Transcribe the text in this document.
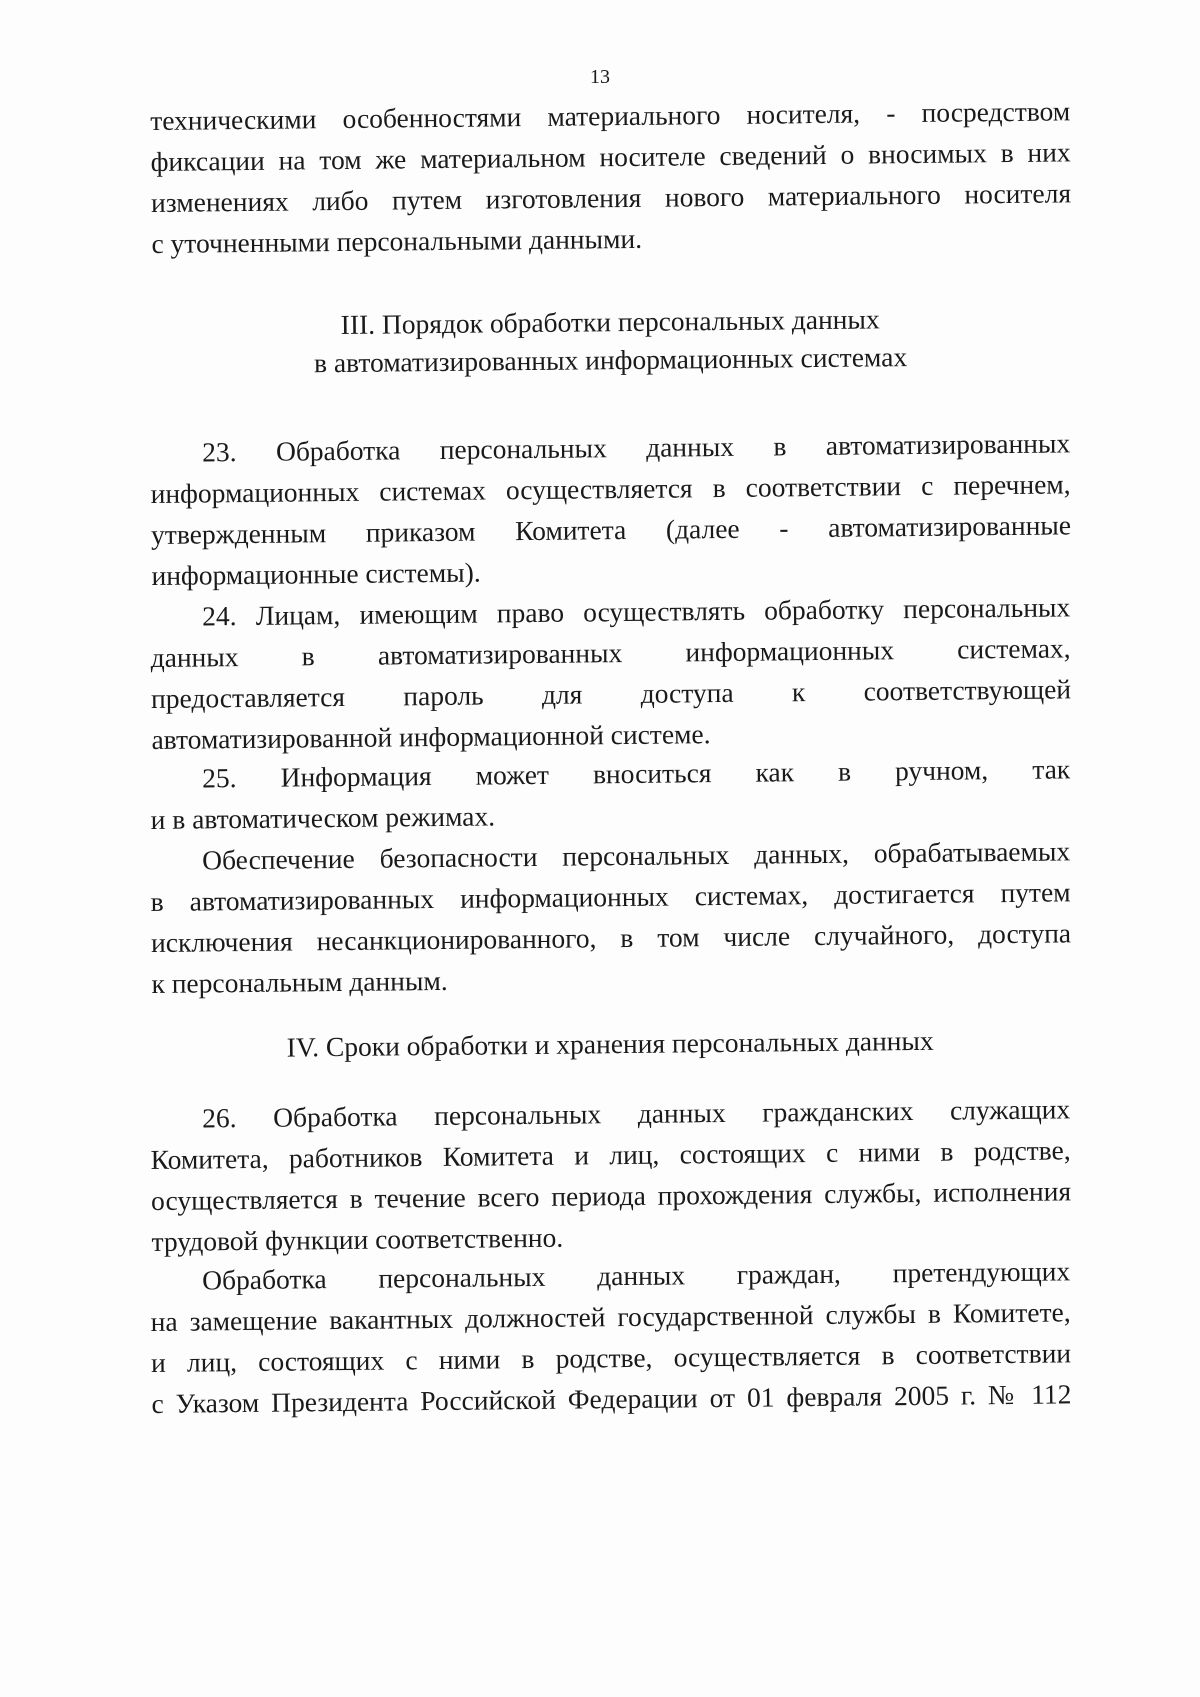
13
техническими особенностями материального носителя, - посредством
фиксации на том же материальном носителе сведений о вносимых в них
изменениях либо путем изготовления нового материального носителя
с уточненными персональными данными.
III. Порядок обработки персональных данных
в автоматизированных информационных системах
23. Обработка персональных данных в автоматизированных
информационных системах осуществляется в соответствии с перечнем,
утвержденным приказом Комитета (далее - автоматизированные
информационные системы).
24. Лицам, имеющим право осуществлять обработку персональных
данных в автоматизированных информационных системах,
предоставляется пароль для доступа к соответствующей
автоматизированной информационной системе.
25. Информация может вноситься как в ручном, так
и в автоматическом режимах.
Обеспечение безопасности персональных данных, обрабатываемых
в автоматизированных информационных системах, достигается путем
исключения несанкционированного, в том числе случайного, доступа
к персональным данным.
IV. Сроки обработки и хранения персональных данных
26. Обработка персональных данных гражданских служащих
Комитета, работников Комитета и лиц, состоящих с ними в родстве,
осуществляется в течение всего периода прохождения службы, исполнения
трудовой функции соответственно.
Обработка персональных данных граждан, претендующих
на замещение вакантных должностей государственной службы в Комитете,
и лиц, состоящих с ними в родстве, осуществляется в соответствии
с Указом Президента Российской Федерации от 01 февраля 2005 г. № 112
